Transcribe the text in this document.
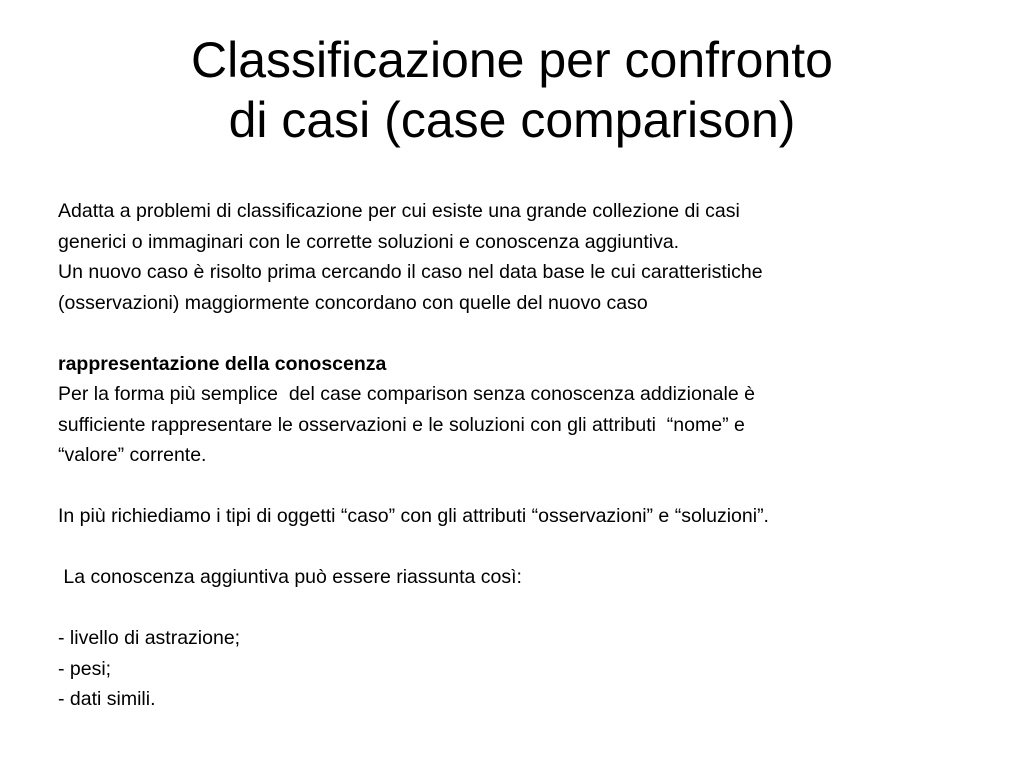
Classificazione per confronto
di casi (case comparison)

Adatta a problemi di classificazione per cui esiste una grande collezione di casi

generici o immaginari con le corrette soluzioni e conoscenza aggiuntiva.

Un nuovo caso è risolto prima cercando il caso nel data base le cui caratteristiche

(osservazioni) maggiormente concordano con quelle del nuovo caso

rappresentazione della conoscenza

Per la forma più semplice  del case comparison senza conoscenza addizionale è

sufficiente rappresentare le osservazioni e le soluzioni con gli attributi  “nome” e

“valore” corrente.

In più richiediamo i tipi di oggetti “caso” con gli attributi “osservazioni” e “soluzioni”.

La conoscenza aggiuntiva può essere riassunta così:

- livello di astrazione;

- pesi;

- dati simili.
